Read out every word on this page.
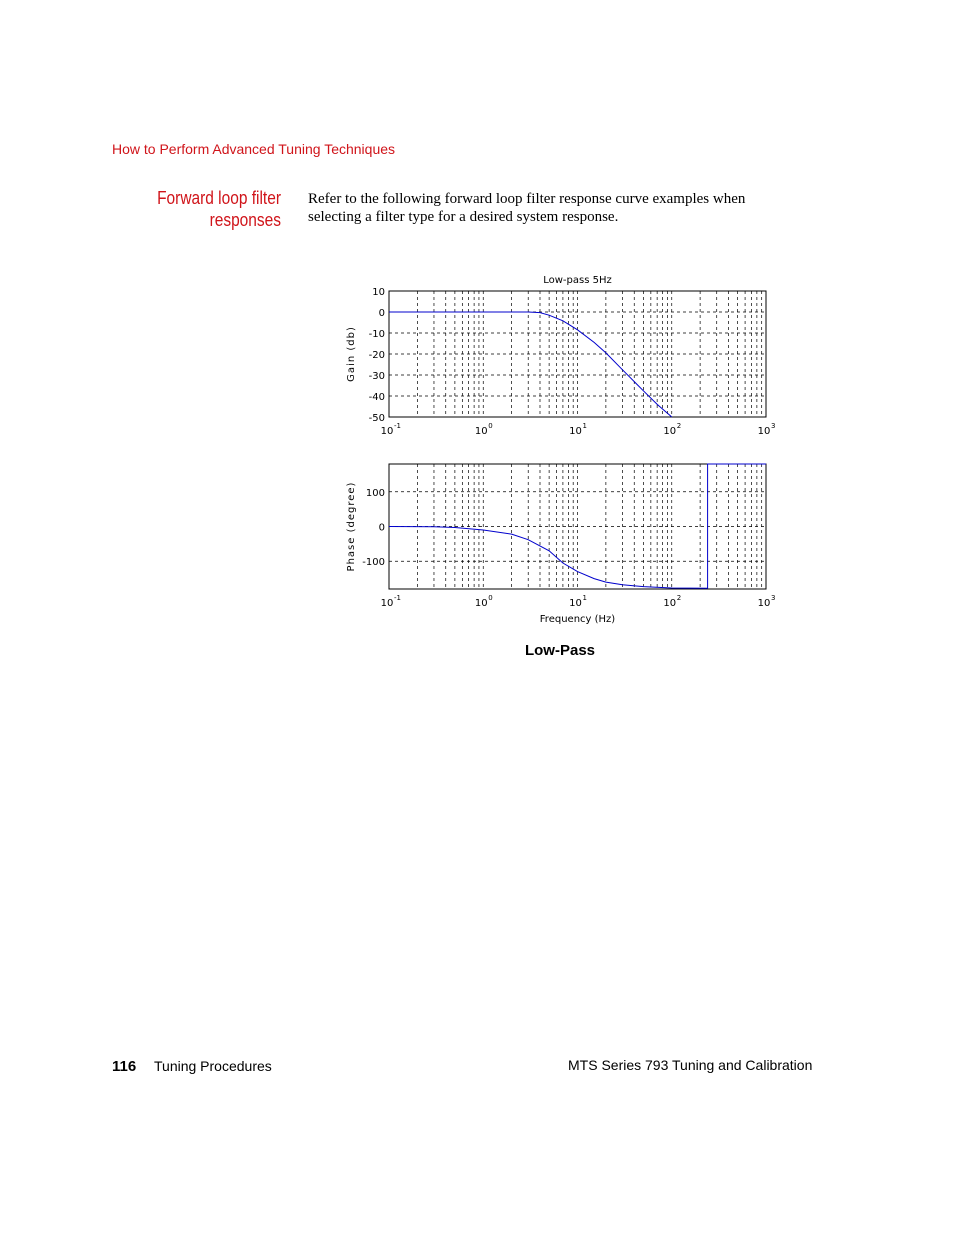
How to Perform Advanced Tuning Techniques
Forward loop filter
responses
Refer to the following forward loop filter response curve examples when selecting a filter type for a desired system response.
10
0
-10
-20
-30
-40
-50
10 -1	10 0	10 1	10 2	10 3
Low-pass 5Hz
Gain (db)
100
0
-100
10 -1	10 0	10 1	10 2	10 3
Phase (degree)
Frequency (Hz)
Low-Pass
116 Tuning Procedures	MTS Series 793 Tuning and Calibration
